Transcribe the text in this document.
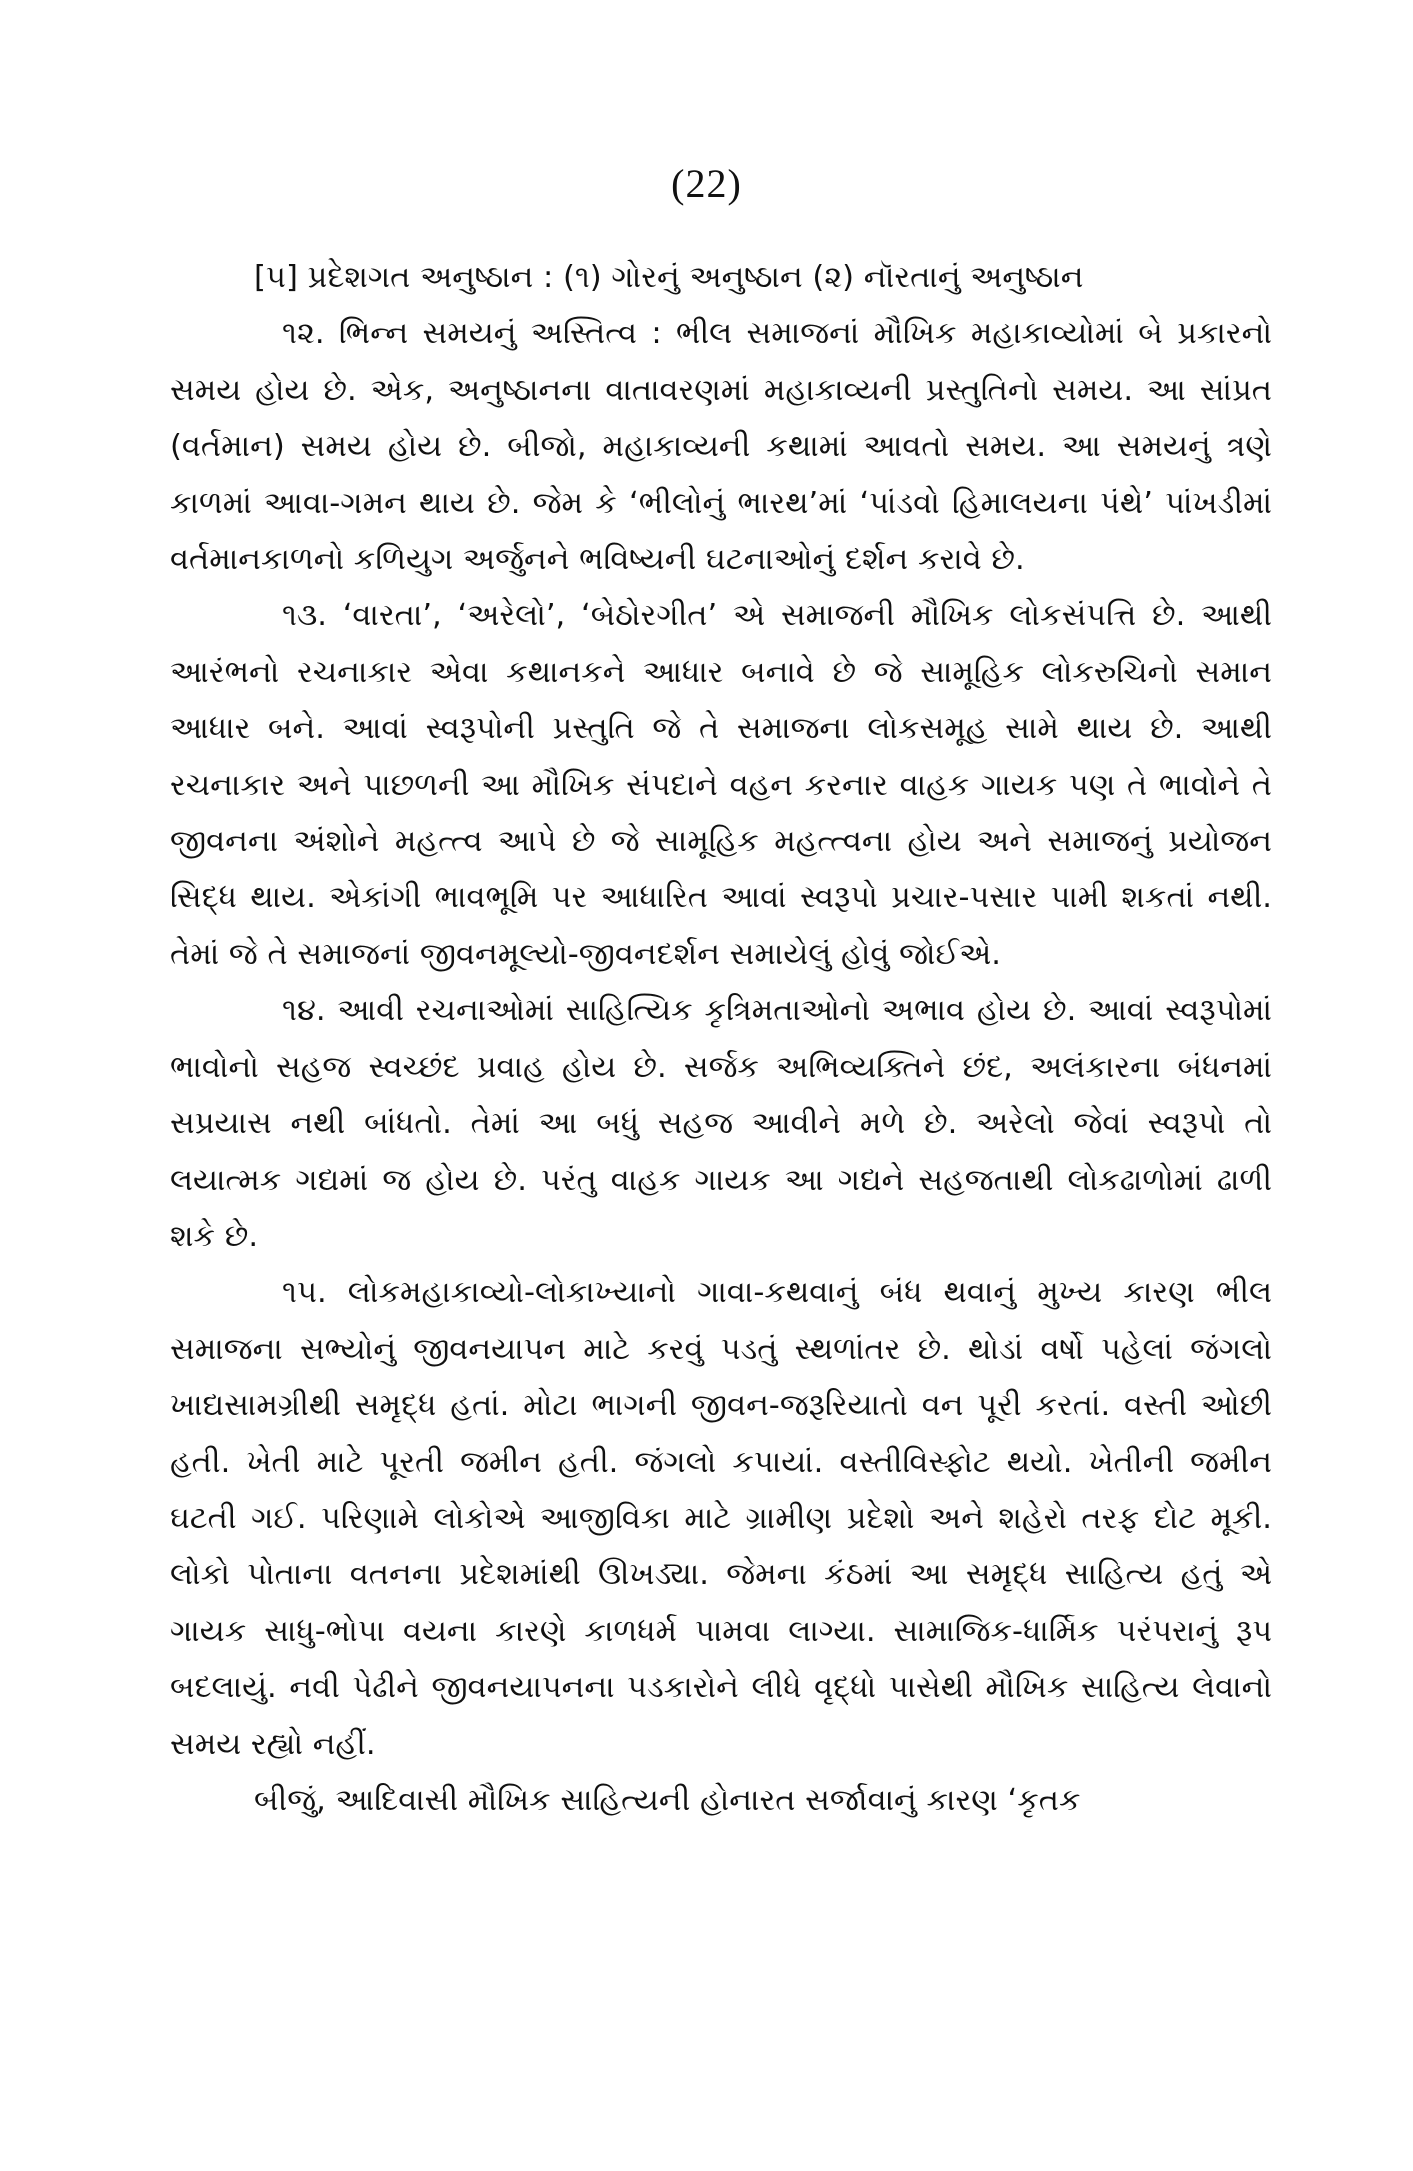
(22)

[૫] પ્રદેશગત અનુષ્ઠાન : (૧) ગોરનું અનુષ્ઠાન (૨) નૉરતાનું અનુષ્ઠાન

૧૨. ભિન્ન સમયનું અસ્તિત્વ : ભીલ સમાજનાં મૌખિક મહાકાવ્યોમાં બે પ્રકારનો સમય હોય છે. એક, અનુષ્ઠાનના વાતાવરણમાં મહાકાવ્યની પ્રસ્તુતિનો સમય. આ સાંપ્રત (વર્તમાન) સમય હોય છે. બીજો, મહાકાવ્યની કથામાં આવતો સમય. આ સમયનું ત્રણે કાળમાં આવા-ગમન થાય છે. જેમ કે ‘ભીલોનું ભારથ’માં ‘પાંડવો હિમાલયના પંથે’ પાંખડીમાં વર્તમાનકાળનો કળિયુગ અર્જુનને ભવિષ્યની ઘટનાઓનું દર્શન કરાવે છે.

૧૩. ‘વારતા’, ‘અરેલો’, ‘બેઠોરગીત’ એ સમાજની મૌખિક લોકસંપત્તિ છે. આથી આરંભનો રચનાકાર એવા કથાનકને આધાર બનાવે છે જે સામૂહિક લોકરુચિનો સમાન આધાર બને. આવાં સ્વરૂપોની પ્રસ્તુતિ જે તે સમાજના લોકસમૂહ સામે થાય છે. આથી રચનાકાર અને પાછળની આ મૌખિક સંપદાને વહન કરનાર વાહક ગાયક પણ તે ભાવોને તે જીવનના અંશોને મહત્ત્વ આપે છે જે સામૂહિક મહત્ત્વના હોય અને સમાજનું પ્રયોજન સિદ્ધ થાય. એકાંગી ભાવભૂમિ પર આધારિત આવાં સ્વરૂપો પ્રચાર-પસાર પામી શકતાં નથી. તેમાં જે તે સમાજનાં જીવનમૂલ્યો-જીવનદર્શન સમાયેલું હોવું જોઈએ.

૧૪. આવી રચનાઓમાં સાહિત્યિક કૃત્રિમતાઓનો અભાવ હોય છે. આવાં સ્વરૂપોમાં ભાવોનો સહજ સ્વચ્છંદ પ્રવાહ હોય છે. સર્જક અભિવ્યક્તિને છંદ, અલંકારના બંધનમાં સપ્રયાસ નથી બાંધતો. તેમાં આ બધું સહજ આવીને મળે છે. અરેલો જેવાં સ્વરૂપો તો લયાત્મક ગદ્યમાં જ હોય છે. પરંતુ વાહક ગાયક આ ગદ્યને સહજતાથી લોકઢાળોમાં ઢાળી શકે છે.

૧૫. લોકમહાકાવ્યો-લોકાખ્યાનો ગાવા-કથવાનું બંધ થવાનું મુખ્ય કારણ ભીલ સમાજના સભ્યોનું જીવનયાપન માટે કરવું પડતું સ્થળાંતર છે. થોડાં વર્ષો પહેલાં જંગલો ખાદ્યસામગ્રીથી સમૃદ્ધ હતાં. મોટા ભાગની જીવન-જરૂરિયાતો વન પૂરી કરતાં. વસ્તી ઓછી હતી. ખેતી માટે પૂરતી જમીન હતી. જંગલો કપાયાં. વસ્તીવિસ્ફોટ થયો. ખેતીની જમીન ઘટતી ગઈ. પરિણામે લોકોએ આજીવિકા માટે ગ્રામીણ પ્રદેશો અને શહેરો તરફ દોટ મૂકી. લોકો પોતાના વતનના પ્રદેશમાંથી ઊખડ્યા. જેમના કંઠમાં આ સમૃદ્ધ સાહિત્ય હતું એ ગાયક સાધુ-ભોપા વયના કારણે કાળધર્મ પામવા લાગ્યા. સામાજિક-ધાર્મિક પરંપરાનું રૂપ બદલાયું. નવી પેઢીને જીવનયાપનના પડકારોને લીધે વૃદ્ધો પાસેથી મૌખિક સાહિત્ય લેવાનો સમય રહ્યો નહીં.

બીજું, આદિવાસી મૌખિક સાહિત્યની હોનારત સર્જાવાનું કારણ ‘કૃતક
